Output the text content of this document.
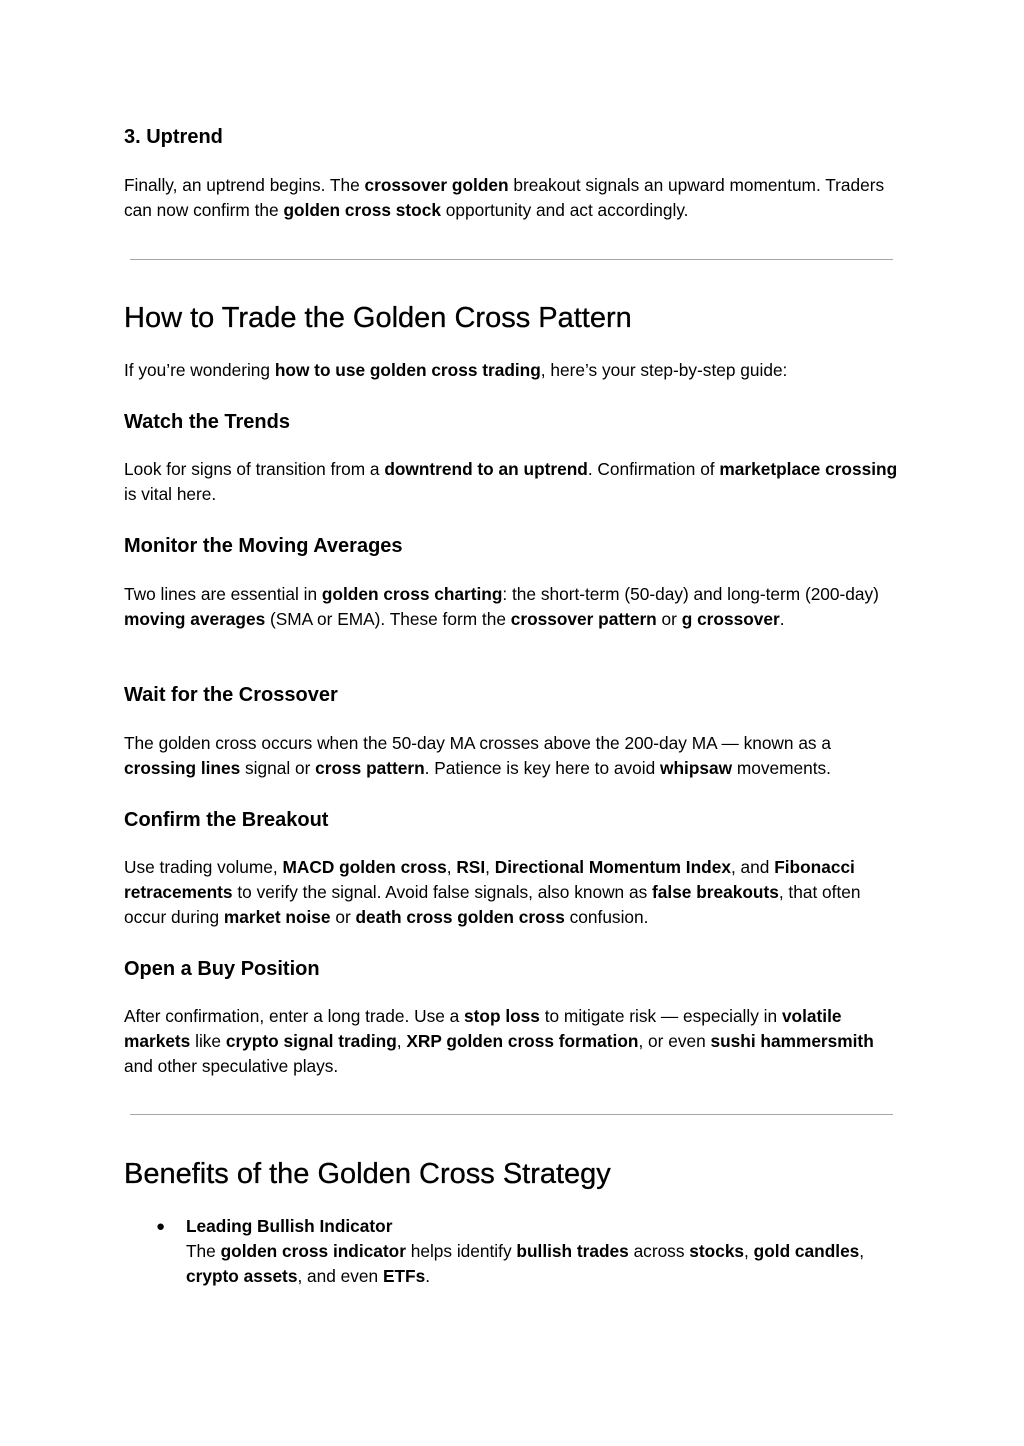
3. Uptrend

Finally, an uptrend begins. The crossover golden breakout signals an upward momentum. Traders can now confirm the golden cross stock opportunity and act accordingly.

How to Trade the Golden Cross Pattern

If you’re wondering how to use golden cross trading, here’s your step-by-step guide:

Watch the Trends

Look for signs of transition from a downtrend to an uptrend. Confirmation of marketplace crossing is vital here.

Monitor the Moving Averages

Two lines are essential in golden cross charting: the short-term (50-day) and long-term (200-day) moving averages (SMA or EMA). These form the crossover pattern or g crossover.

Wait for the Crossover

The golden cross occurs when the 50-day MA crosses above the 200-day MA — known as a crossing lines signal or cross pattern. Patience is key here to avoid whipsaw movements.

Confirm the Breakout

Use trading volume, MACD golden cross, RSI, Directional Momentum Index, and Fibonacci retracements to verify the signal. Avoid false signals, also known as false breakouts, that often occur during market noise or death cross golden cross confusion.

Open a Buy Position

After confirmation, enter a long trade. Use a stop loss to mitigate risk — especially in volatile markets like crypto signal trading, XRP golden cross formation, or even sushi hammersmith and other speculative plays.

Benefits of the Golden Cross Strategy
● Leading Bullish Indicator
The golden cross indicator helps identify bullish trades across stocks, gold candles, crypto assets, and even ETFs.
